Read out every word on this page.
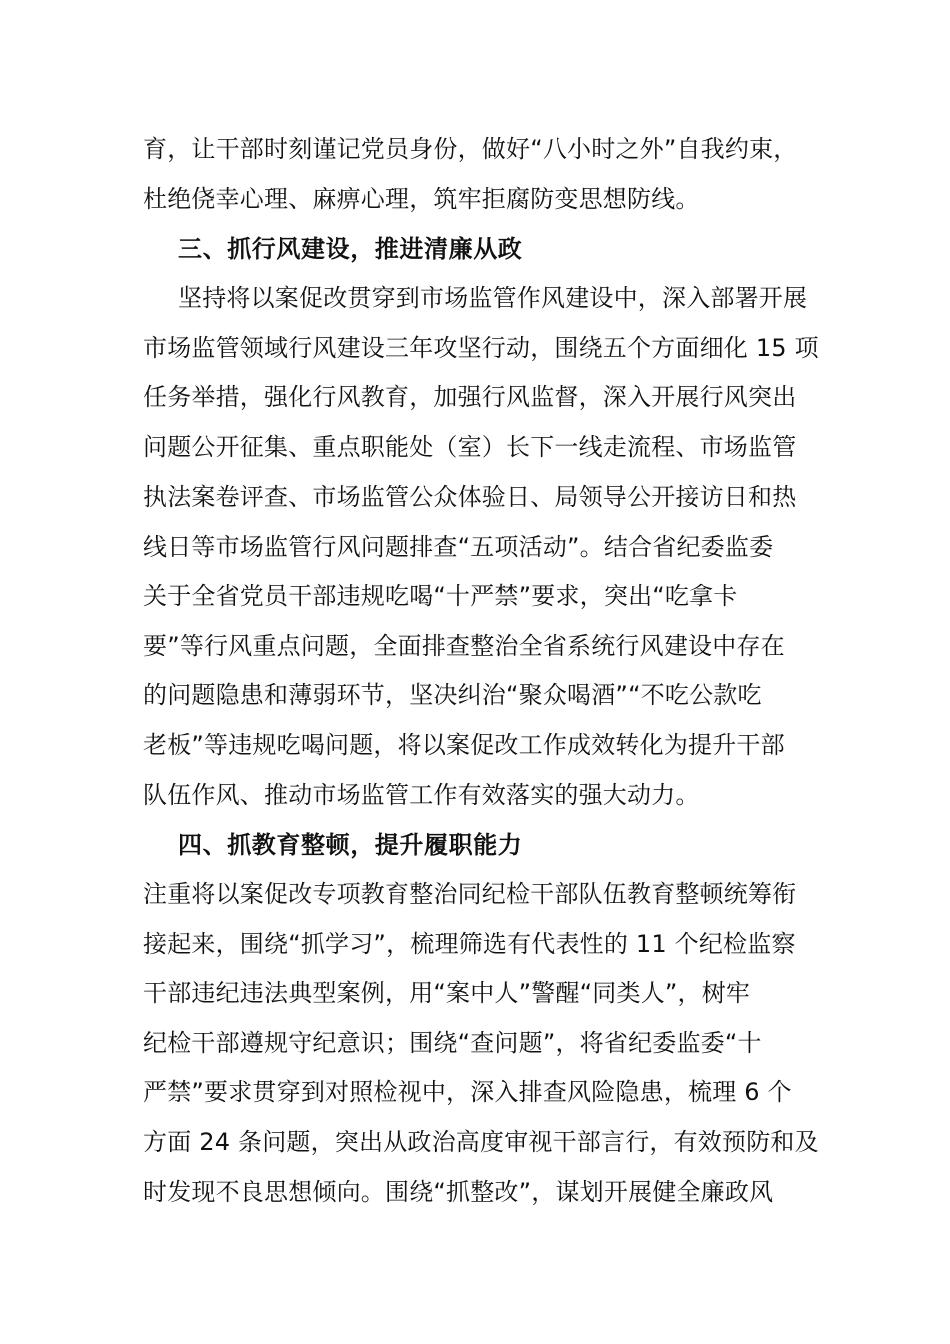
育，让干部时刻谨记党员身份，做好“八小时之外”自我约束，
杜绝侥幸心理、麻痹心理，筑牢拒腐防变思想防线。
三、抓行风建设，推进清廉从政
坚持将以案促改贯穿到市场监管作风建设中，深入部署开展
市场监管领域行风建设三年攻坚行动，围绕五个方面细化 15 项
任务举措，强化行风教育，加强行风监督，深入开展行风突出
问题公开征集、重点职能处（室）长下一线走流程、市场监管
执法案卷评查、市场监管公众体验日、局领导公开接访日和热
线日等市场监管行风问题排查“五项活动”。结合省纪委监委
关于全省党员干部违规吃喝“十严禁”要求，突出“吃拿卡
要”等行风重点问题，全面排查整治全省系统行风建设中存在
的问题隐患和薄弱环节，坚决纠治“聚众喝酒”“不吃公款吃
老板”等违规吃喝问题，将以案促改工作成效转化为提升干部
队伍作风、推动市场监管工作有效落实的强大动力。
四、抓教育整顿，提升履职能力
注重将以案促改专项教育整治同纪检干部队伍教育整顿统筹衔
接起来，围绕“抓学习”，梳理筛选有代表性的 11 个纪检监察
干部违纪违法典型案例，用“案中人”警醒“同类人”，树牢
纪检干部遵规守纪意识；围绕“查问题”，将省纪委监委“十
严禁”要求贯穿到对照检视中，深入排查风险隐患，梳理 6 个
方面 24 条问题，突出从政治高度审视干部言行，有效预防和及
时发现不良思想倾向。围绕“抓整改”，谋划开展健全廉政风
